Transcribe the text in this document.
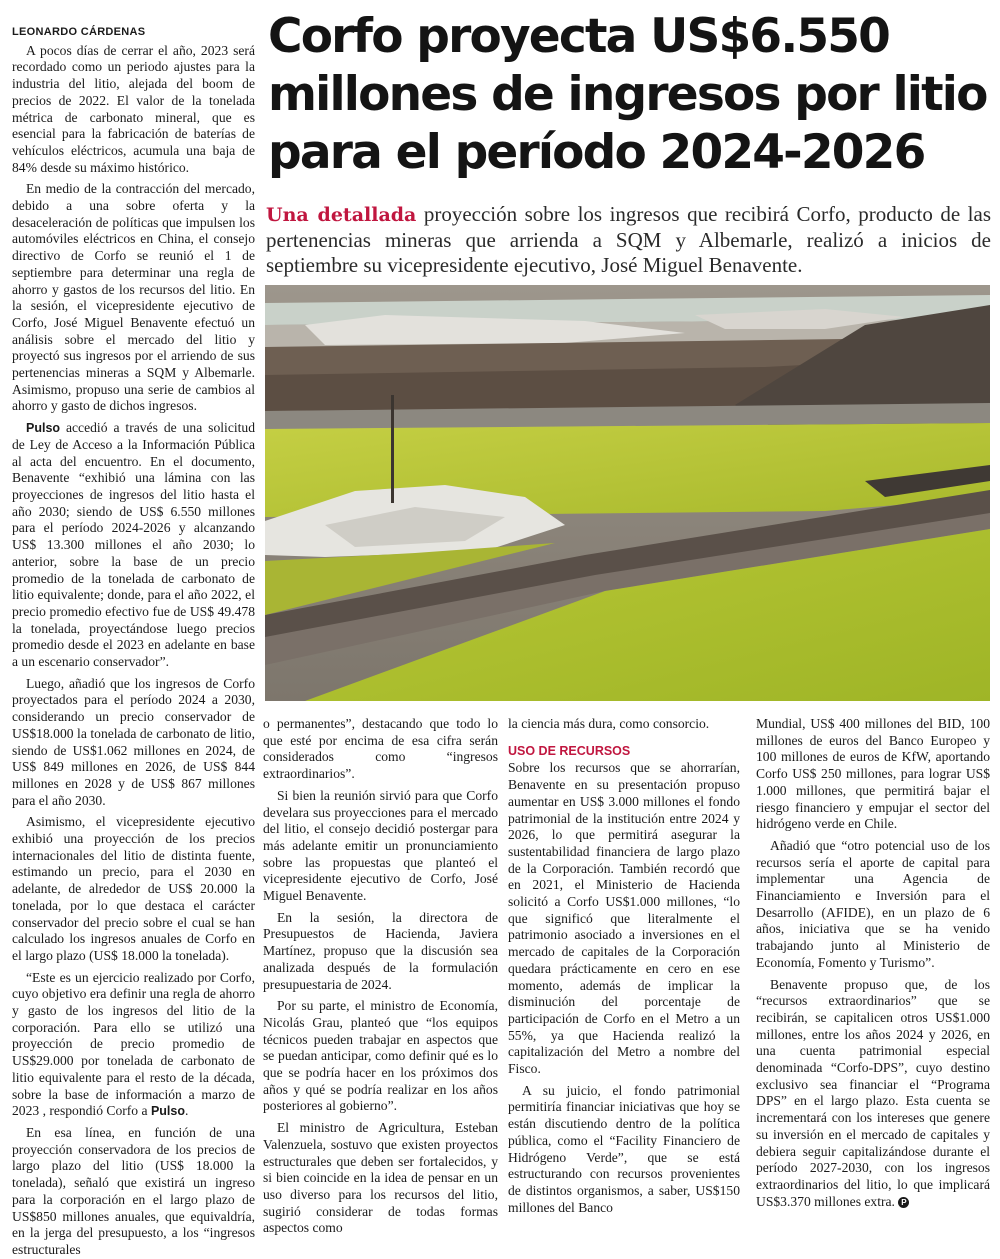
LEONARDO CÁRDENAS

A pocos días de cerrar el año, 2023 será recordado como un periodo ajustes para la industria del litio, alejada del boom de precios de 2022. El valor de la tonelada métrica de carbonato mineral, que es esencial para la fabricación de baterías de vehículos eléctricos, acumula una baja de 84% desde su máximo histórico.

En medio de la contracción del mercado, debido a una sobre oferta y la desaceleración de políticas que impulsen los automóviles eléctricos en China, el consejo directivo de Corfo se reunió el 1 de septiembre para determinar una regla de ahorro y gastos de los recursos del litio. En la sesión, el vicepresidente ejecutivo de Corfo, José Miguel Benavente efectuó un análisis sobre el mercado del litio y proyectó sus ingresos por el arriendo de sus pertenencias mineras a SQM y Albemarle. Asimismo, propuso una serie de cambios al ahorro y gasto de dichos ingresos.

Pulso accedió a través de una solicitud de Ley de Acceso a la Información Pública al acta del encuentro. En el documento, Benavente “exhibió una lámina con las proyecciones de ingresos del litio hasta el año 2030; siendo de US$ 6.550 millones para el período 2024-2026 y alcanzando US$ 13.300 millones el año 2030; lo anterior, sobre la base de un precio promedio de la tonelada de carbonato de litio equivalente; donde, para el año 2022, el precio promedio efectivo fue de US$ 49.478 la tonelada, proyectándose luego precios promedio desde el 2023 en adelante en base a un escenario conservador”.

Luego, añadió que los ingresos de Corfo proyectados para el período 2024 a 2030, considerando un precio conservador de US$18.000 la tonelada de carbonato de litio, siendo de US$1.062 millones en 2024, de US$ 849 millones en 2026, de US$ 844 millones en 2028 y de US$ 867 millones para el año 2030.

Asimismo, el vicepresidente ejecutivo exhibió una proyección de los precios internacionales del litio de distinta fuente, estimando un precio, para el 2030 en adelante, de alrededor de US$ 20.000 la tonelada, por lo que destaca el carácter conservador del precio sobre el cual se han calculado los ingresos anuales de Corfo en el largo plazo (US$ 18.000 la tonelada).

“Este es un ejercicio realizado por Corfo, cuyo objetivo era definir una regla de ahorro y gasto de los ingresos del litio de la corporación. Para ello se utilizó una proyección de precio promedio de US$29.000 por tonelada de carbonato de litio equivalente para el resto de la década, sobre la base de información a marzo de 2023 , respondió Corfo a Pulso.

En esa línea, en función de una proyección conservadora de los precios de largo plazo del litio (US$ 18.000 la tonelada), señaló que existirá un ingreso para la corporación en el largo plazo de US$850 millones anuales, que equivaldría, en la jerga del presupuesto, a los “ingresos estructurales

Corfo proyecta US$6.550 millones de ingresos por litio para el período 2024-2026

Una detallada proyección sobre los ingresos que recibirá Corfo, producto de las pertenencias mineras que arrienda a SQM y Albemarle, realizó a inicios de septiembre su vicepresidente ejecutivo, José Miguel Benavente.

o permanentes”, destacando que todo lo que esté por encima de esa cifra serán considerados como “ingresos extraordinarios”.

Si bien la reunión sirvió para que Corfo develara sus proyecciones para el mercado del litio, el consejo decidió postergar para más adelante emitir un pronunciamiento sobre las propuestas que planteó el vicepresidente ejecutivo de Corfo, José Miguel Benavente.

En la sesión, la directora de Presupuestos de Hacienda, Javiera Martínez, propuso que la discusión sea analizada después de la formulación presupuestaria de 2024.

Por su parte, el ministro de Economía, Nicolás Grau, planteó que “los equipos técnicos pueden trabajar en aspectos que se puedan anticipar, como definir qué es lo que se podría hacer en los próximos dos años y qué se podría realizar en los años posteriores al gobierno”.

El ministro de Agricultura, Esteban Valenzuela, sostuvo que existen proyectos estructurales que deben ser fortalecidos, y si bien coincide en la idea de pensar en un uso diverso para los recursos del litio, sugirió considerar de todas formas aspectos como

la ciencia más dura, como consorcio.

USO DE RECURSOS

Sobre los recursos que se ahorrarían, Benavente en su presentación propuso aumentar en US$ 3.000 millones el fondo patrimonial de la institución entre 2024 y 2026, lo que permitirá asegurar la sustentabilidad financiera de largo plazo de la Corporación. También recordó que en 2021, el Ministerio de Hacienda solicitó a Corfo US$1.000 millones, “lo que significó que literalmente el patrimonio asociado a inversiones en el mercado de capitales de la Corporación quedara prácticamente en cero en ese momento, además de implicar la disminución del porcentaje de participación de Corfo en el Metro a un 55%, ya que Hacienda realizó la capitalización del Metro a nombre del Fisco.

A su juicio, el fondo patrimonial permitiría financiar iniciativas que hoy se están discutiendo dentro de la política pública, como el “Facility Financiero de Hidrógeno Verde”, que se está estructurando con recursos provenientes de distintos organismos, a saber, US$150 millones del Banco

Mundial, US$ 400 millones del BID, 100 millones de euros del Banco Europeo y 100 millones de euros de KfW, aportando Corfo US$ 250 millones, para lograr US$ 1.000 millones, que permitirá bajar el riesgo financiero y empujar el sector del hidrógeno verde en Chile.

Añadió que “otro potencial uso de los recursos sería el aporte de capital para implementar una Agencia de Financiamiento e Inversión para el Desarrollo (AFIDE), en un plazo de 6 años, iniciativa que se ha venido trabajando junto al Ministerio de Economía, Fomento y Turismo”.

Benavente propuso que, de los “recursos extraordinarios” que se recibirán, se capitalicen otros US$1.000 millones, entre los años 2024 y 2026, en una cuenta patrimonial especial denominada “Corfo-DPS”, cuyo destino exclusivo sea financiar el “Programa DPS” en el largo plazo. Esta cuenta se incrementará con los intereses que genere su inversión en el mercado de capitales y debiera seguir capitalizándose durante el período 2027-2030, con los ingresos extraordinarios del litio, lo que implicará US$3.370 millones extra. P
